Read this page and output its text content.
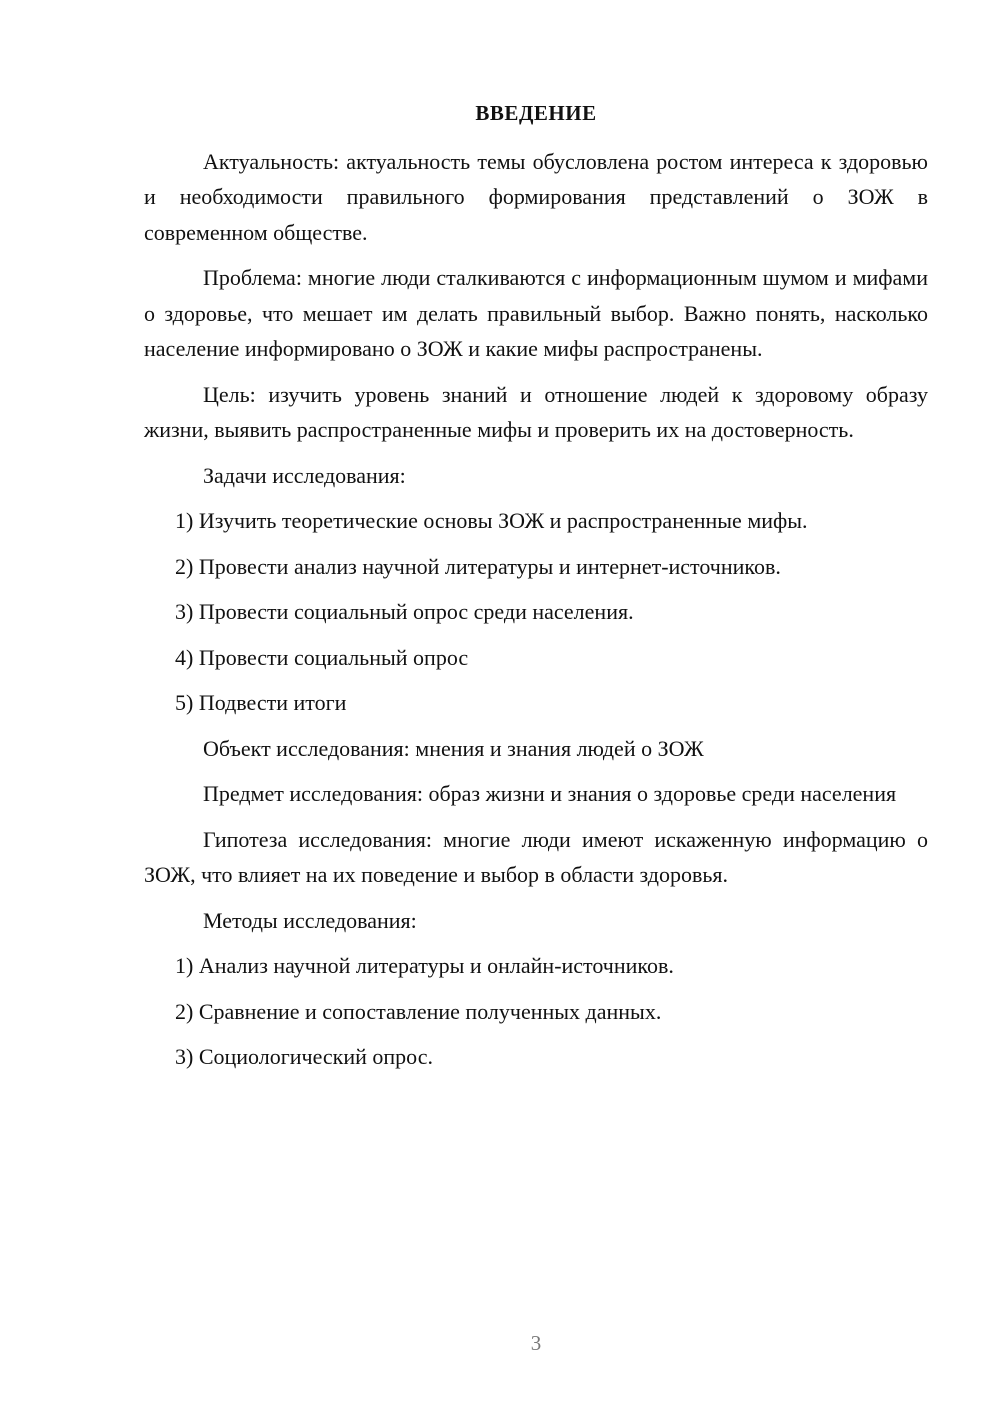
ВВЕДЕНИЕ

Актуальность: актуальность темы обусловлена ростом интереса к здоровью и необходимости правильного формирования представлений о ЗОЖ в современном обществе.

Проблема: многие люди сталкиваются с информационным шумом и мифами о здоровье, что мешает им делать правильный выбор. Важно понять, насколько население информировано о ЗОЖ и какие мифы распространены.

Цель: изучить уровень знаний и отношение людей к здоровому образу жизни, выявить распространенные мифы и проверить их на достоверность.

Задачи исследования:

1) Изучить теоретические основы ЗОЖ и распространенные мифы.
2) Провести анализ научной литературы и интернет-источников.
3) Провести социальный опрос среди населения.
4) Провести социальный опрос
5) Подвести итоги

Объект исследования: мнения и знания людей о ЗОЖ

Предмет исследования: образ жизни и знания о здоровье среди населения

Гипотеза исследования: многие люди имеют искаженную информацию о ЗОЖ, что влияет на их поведение и выбор в области здоровья.

Методы исследования:

1) Анализ научной литературы и онлайн-источников.
2) Сравнение и сопоставление полученных данных.
3) Социологический опрос.
3
